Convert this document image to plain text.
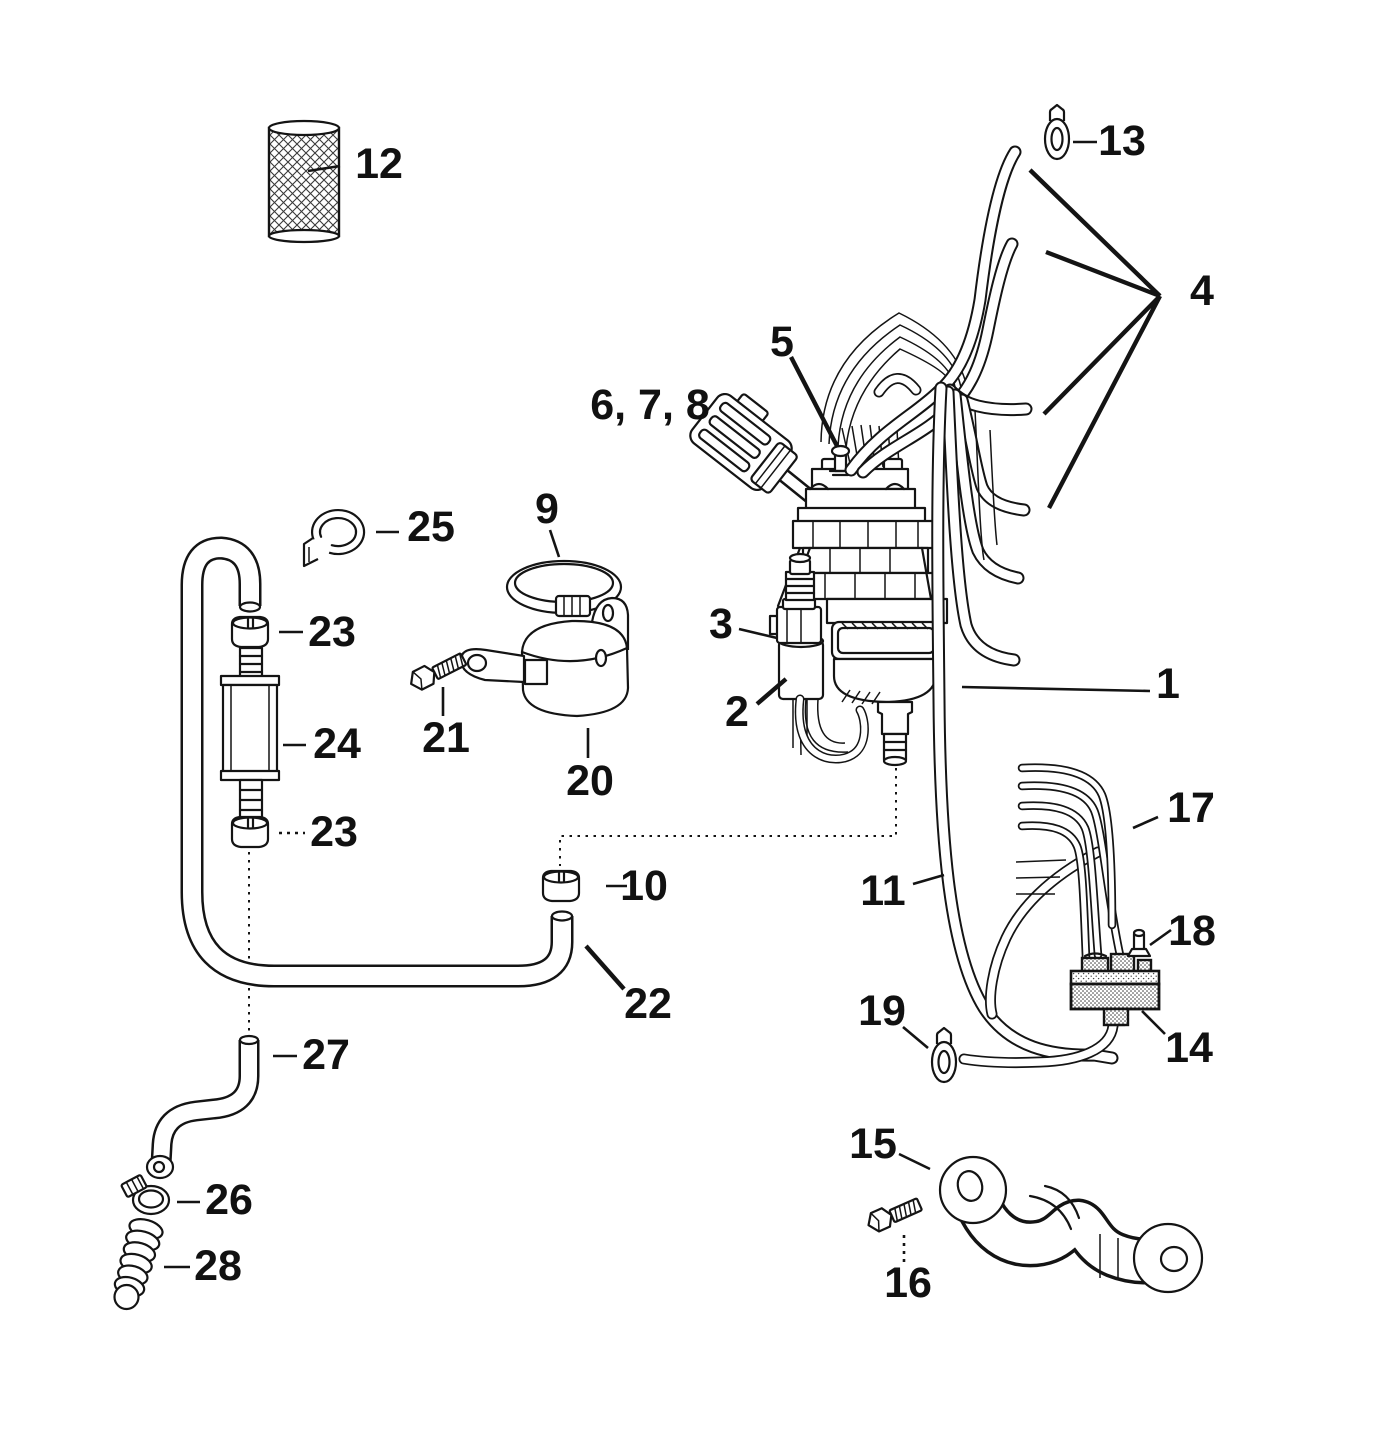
1
2
3
4
5
6, 7, 8
9
10	11
12	13
14
15
16
17
18
19
20
21
22
23
24
23
25
26
27
28
